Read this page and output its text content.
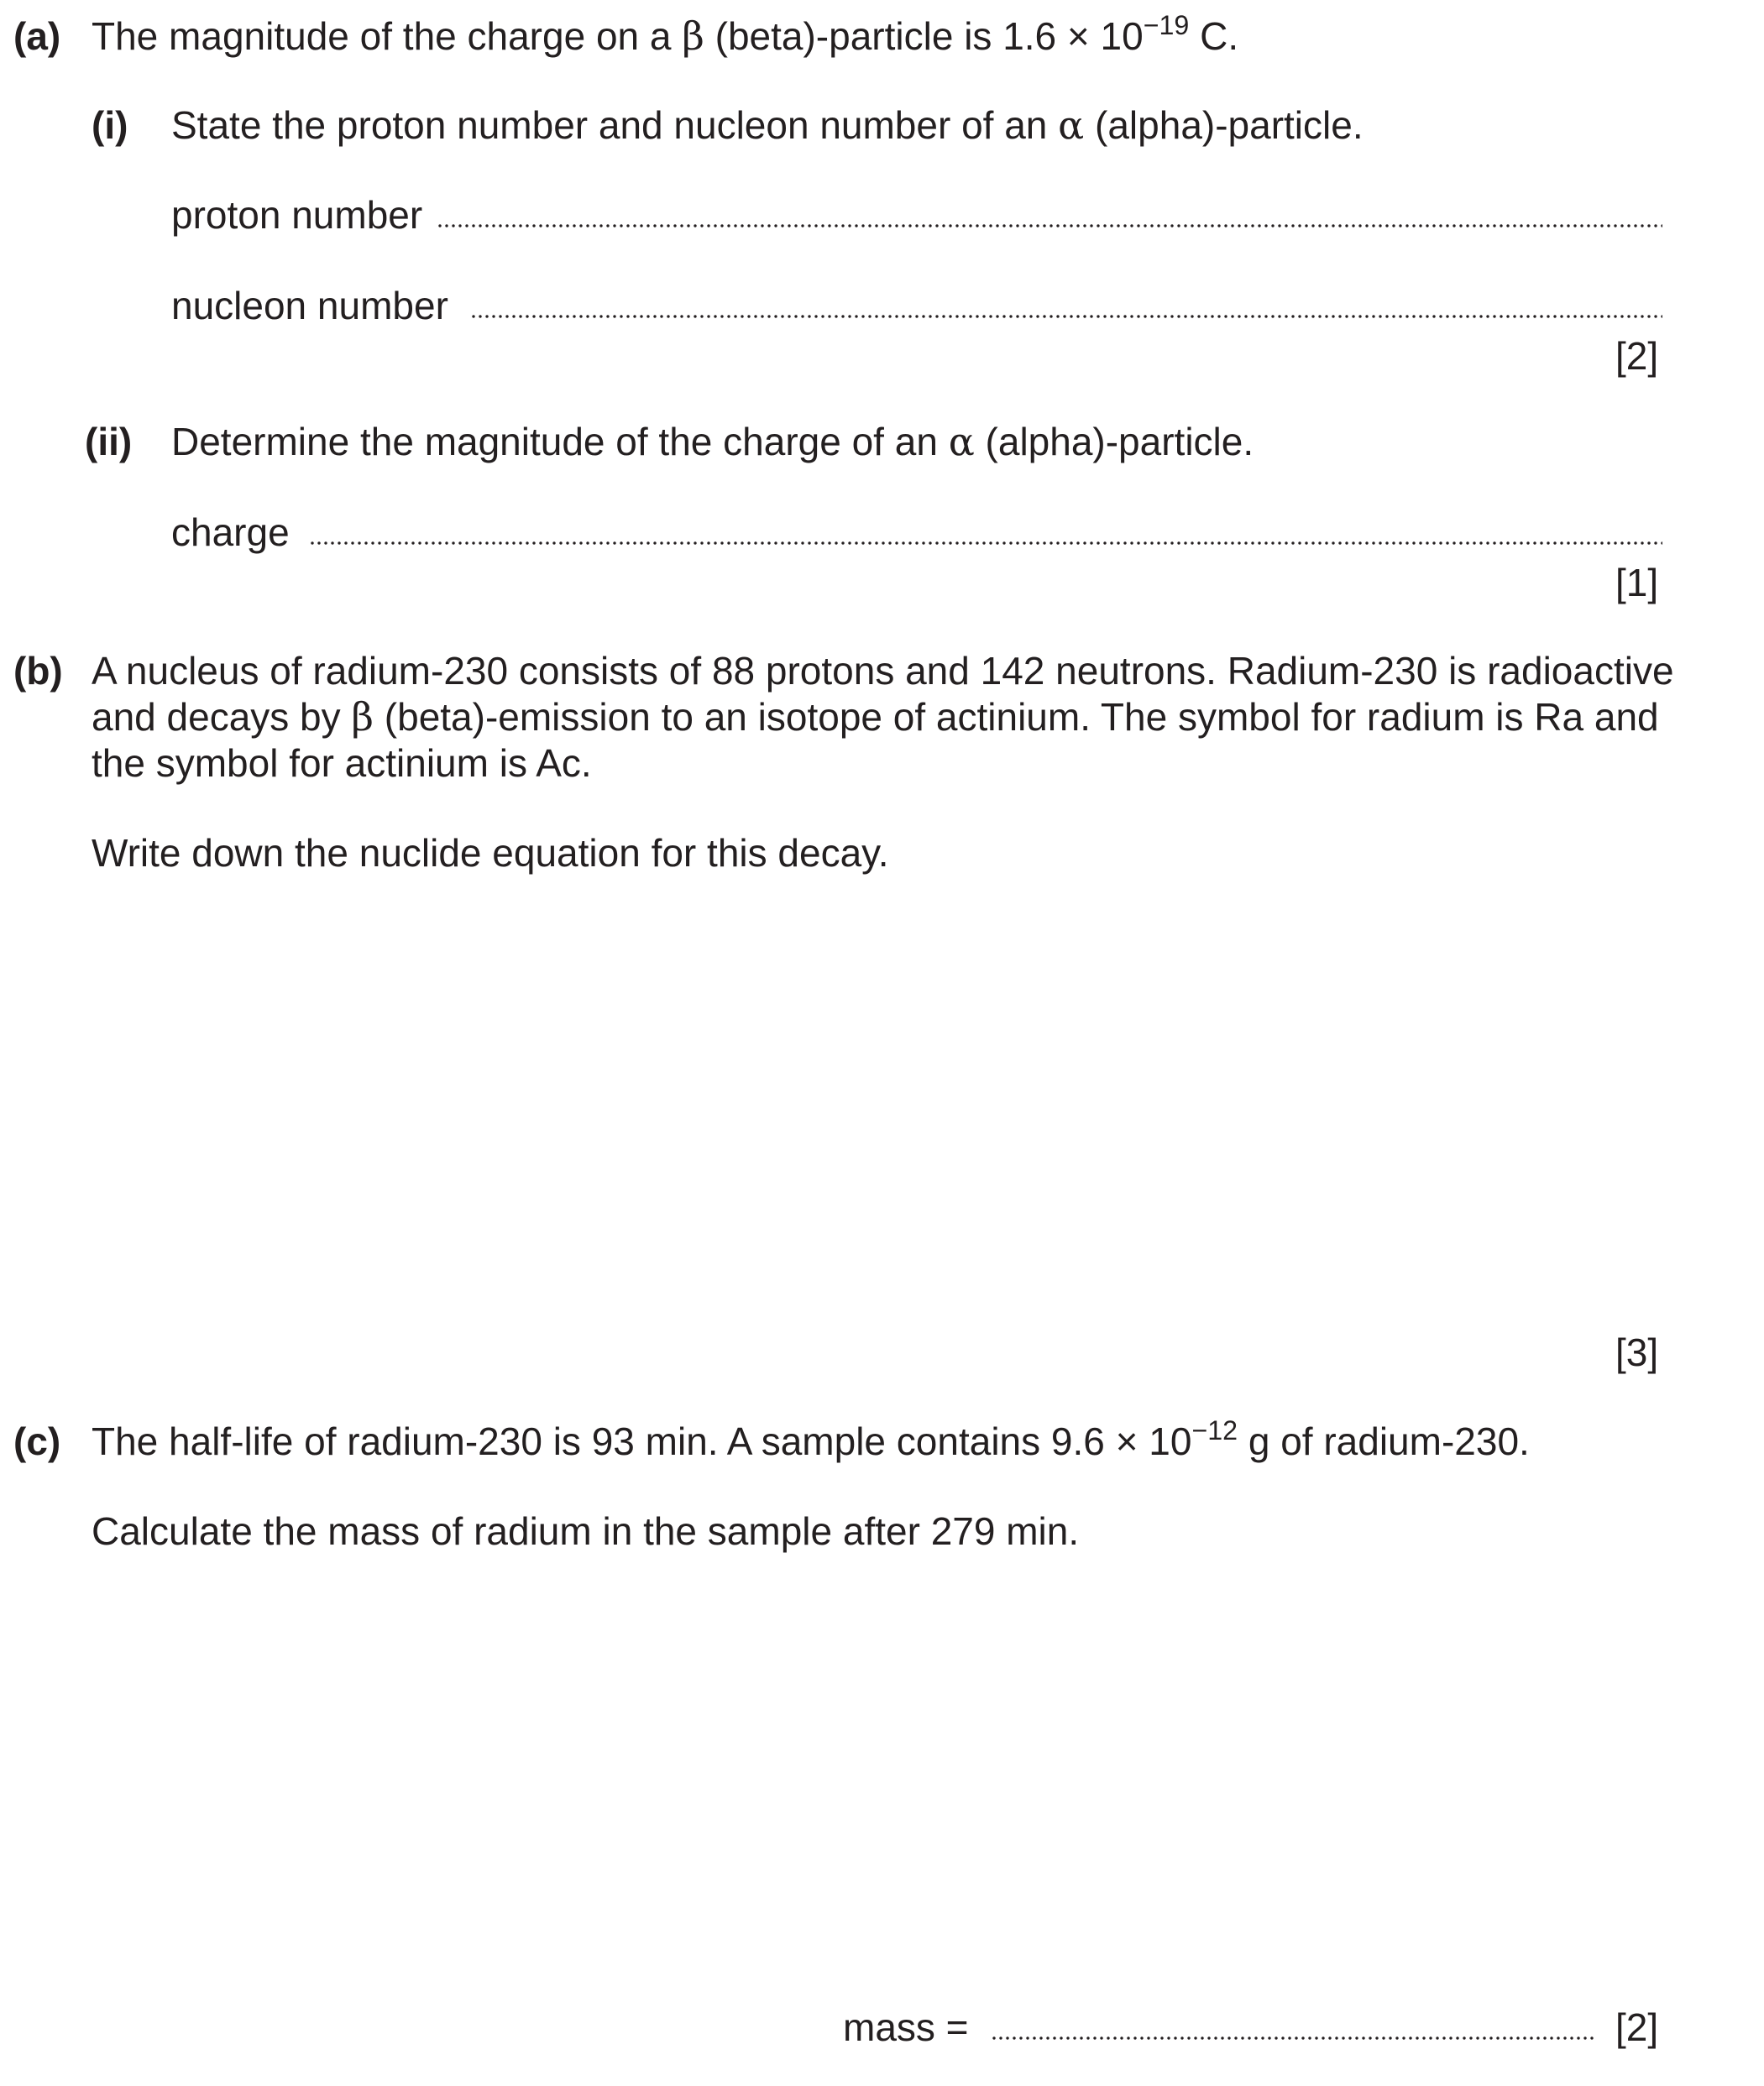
(a) The magnitude of the charge on a β (beta)-particle is $1.6 \times 10^{-19}$ C.
(i) State the proton number and nucleon number of an α (alpha)-particle.
proton number
nucleon number
[2]
(ii) Determine the magnitude of the charge of an α (alpha)-particle.
charge
[1]
(b) A nucleus of radium-230 consists of 88 protons and 142 neutrons. Radium-230 is radioactive
and decays by β (beta)-emission to an isotope of actinium. The symbol for radium is Ra and
the symbol for actinium is Ac.
Write down the nuclide equation for this decay.
[3]
(c) The half-life of radium-230 is 93 min. A sample contains $9.6 \times 10^{-12}$ g of radium-230.
Calculate the mass of radium in the sample after 279 min.
mass =	[2]
